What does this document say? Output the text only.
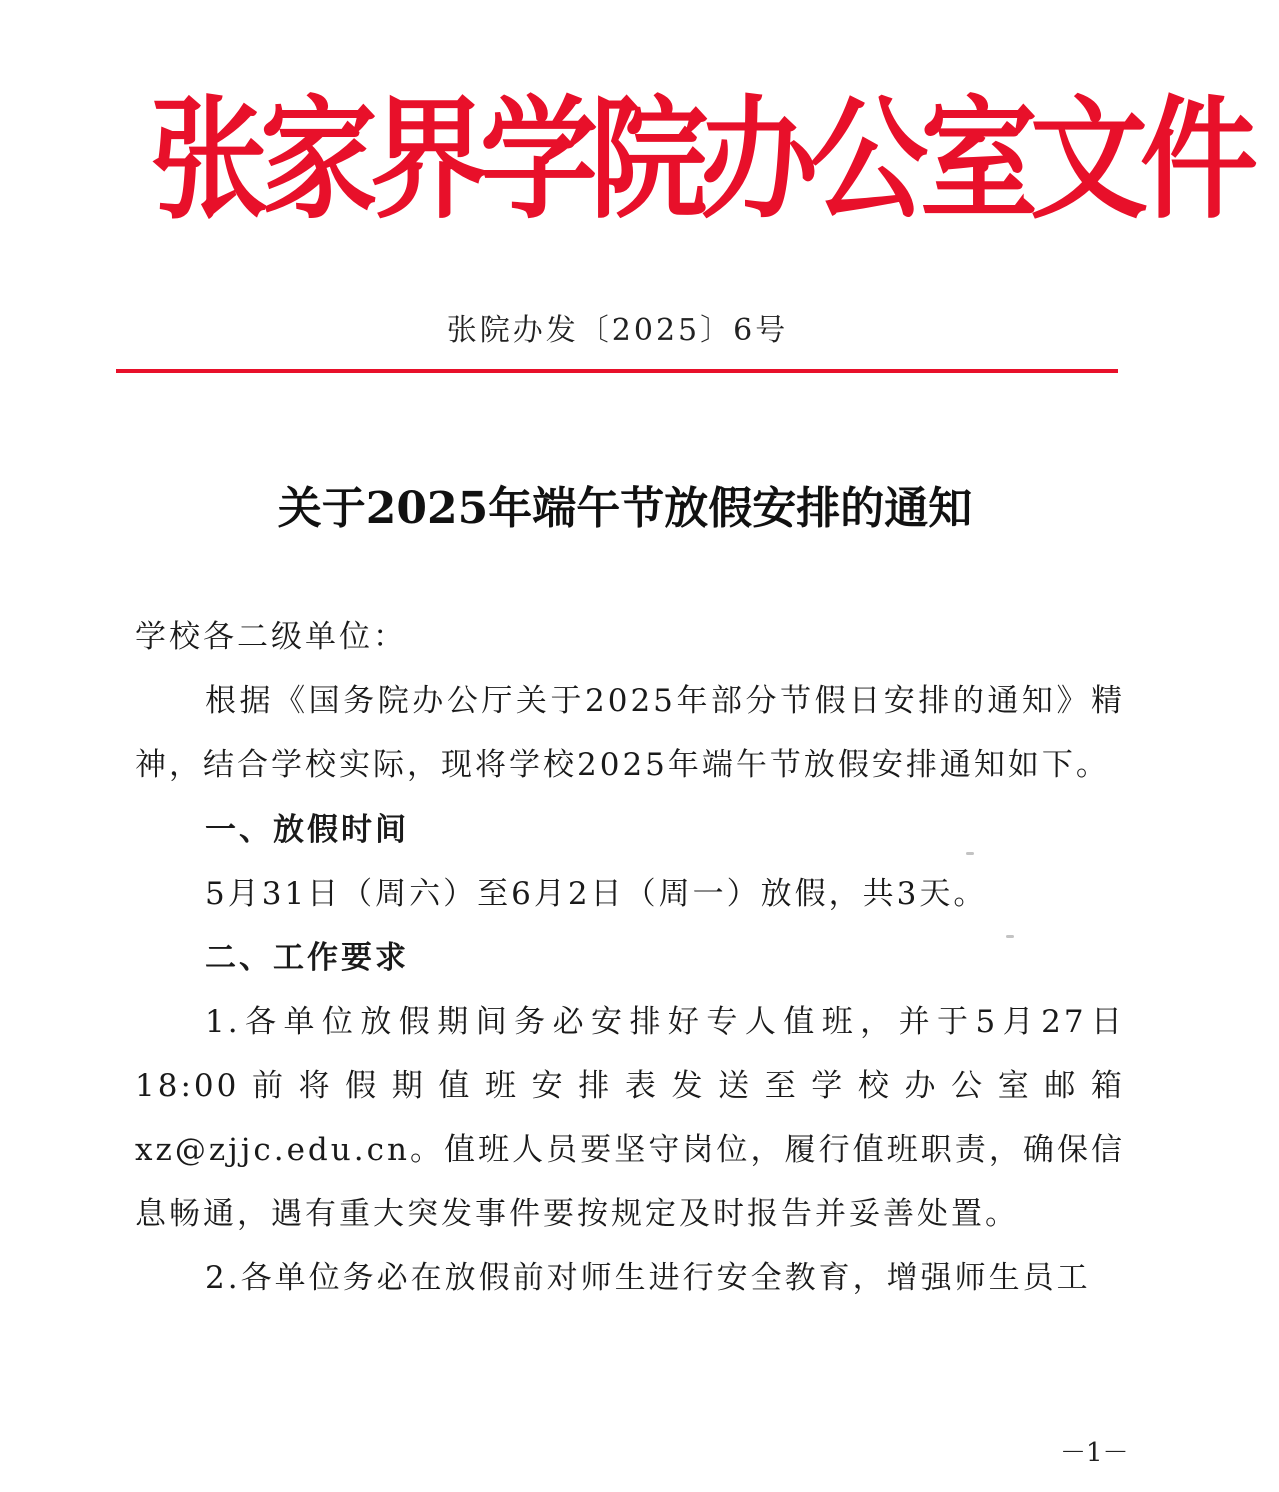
张家界学院办公室文件
张院办发〔2025〕6号
关于2025年端午节放假安排的通知
学校各二级单位：
根据《国务院办公厅关于2025年部分节假日安排的通知》精神，结合学校实际，现将学校2025年端午节放假安排通知如下。
一、放假时间
5月31日（周六）至6月2日（周一）放假，共3天。
二、工作要求
1.各单位放假期间务必安排好专人值班，并于5月27日18:00前将假期值班安排表发送至学校办公室邮箱 xz@zjjc.edu.cn。值班人员要坚守岗位，履行值班职责，确保信息畅通，遇有重大突发事件要按规定及时报告并妥善处置。
2.各单位务必在放假前对师生进行安全教育，增强师生员工
－1－
